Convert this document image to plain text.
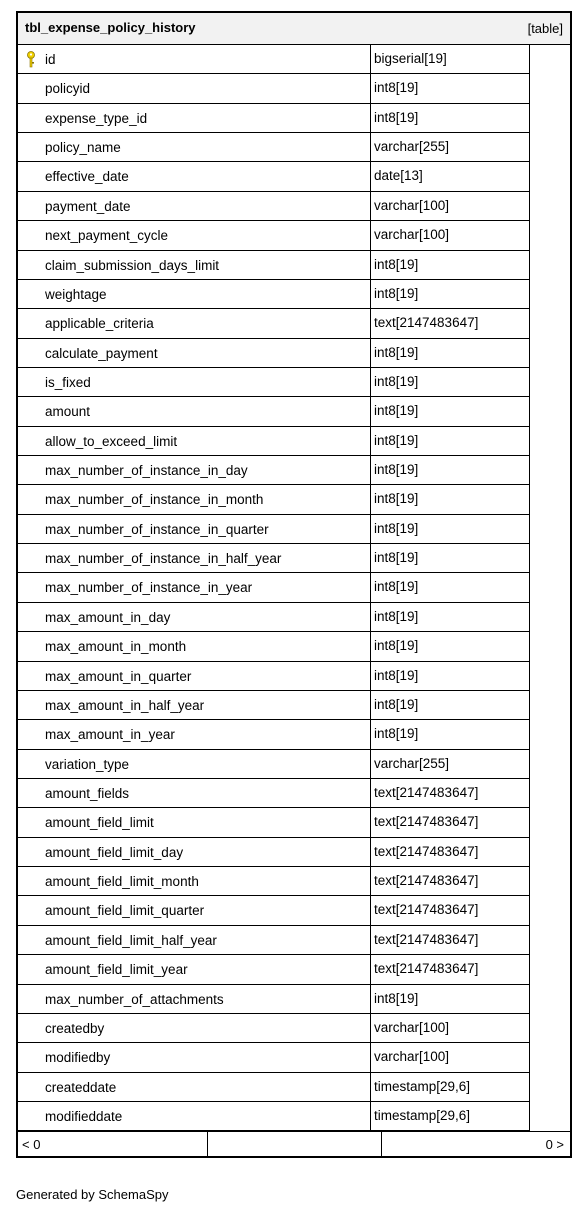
tbl_expense_policy_history	[table]
id	bigserial[19]
policyid	int8[19]
expense_type_id	int8[19]
policy_name	varchar[255]
effective_date	date[13]
payment_date	varchar[100]
next_payment_cycle	varchar[100]
claim_submission_days_limit	int8[19]
weightage	int8[19]
applicable_criteria	text[2147483647]
calculate_payment	int8[19]
is_fixed	int8[19]
amount	int8[19]
allow_to_exceed_limit	int8[19]
max_number_of_instance_in_day	int8[19]
max_number_of_instance_in_month	int8[19]
max_number_of_instance_in_quarter	int8[19]
max_number_of_instance_in_half_year	int8[19]
max_number_of_instance_in_year	int8[19]
max_amount_in_day	int8[19]
max_amount_in_month	int8[19]
max_amount_in_quarter	int8[19]
max_amount_in_half_year	int8[19]
max_amount_in_year	int8[19]
variation_type	varchar[255]
amount_fields	text[2147483647]
amount_field_limit	text[2147483647]
amount_field_limit_day	text[2147483647]
amount_field_limit_month	text[2147483647]
amount_field_limit_quarter	text[2147483647]
amount_field_limit_half_year	text[2147483647]
amount_field_limit_year	text[2147483647]
max_number_of_attachments	int8[19]
createdby	varchar[100]
modifiedby	varchar[100]
createddate	timestamp[29,6]
modifieddate	timestamp[29,6]
< 0	0 >
Generated by SchemaSpy
